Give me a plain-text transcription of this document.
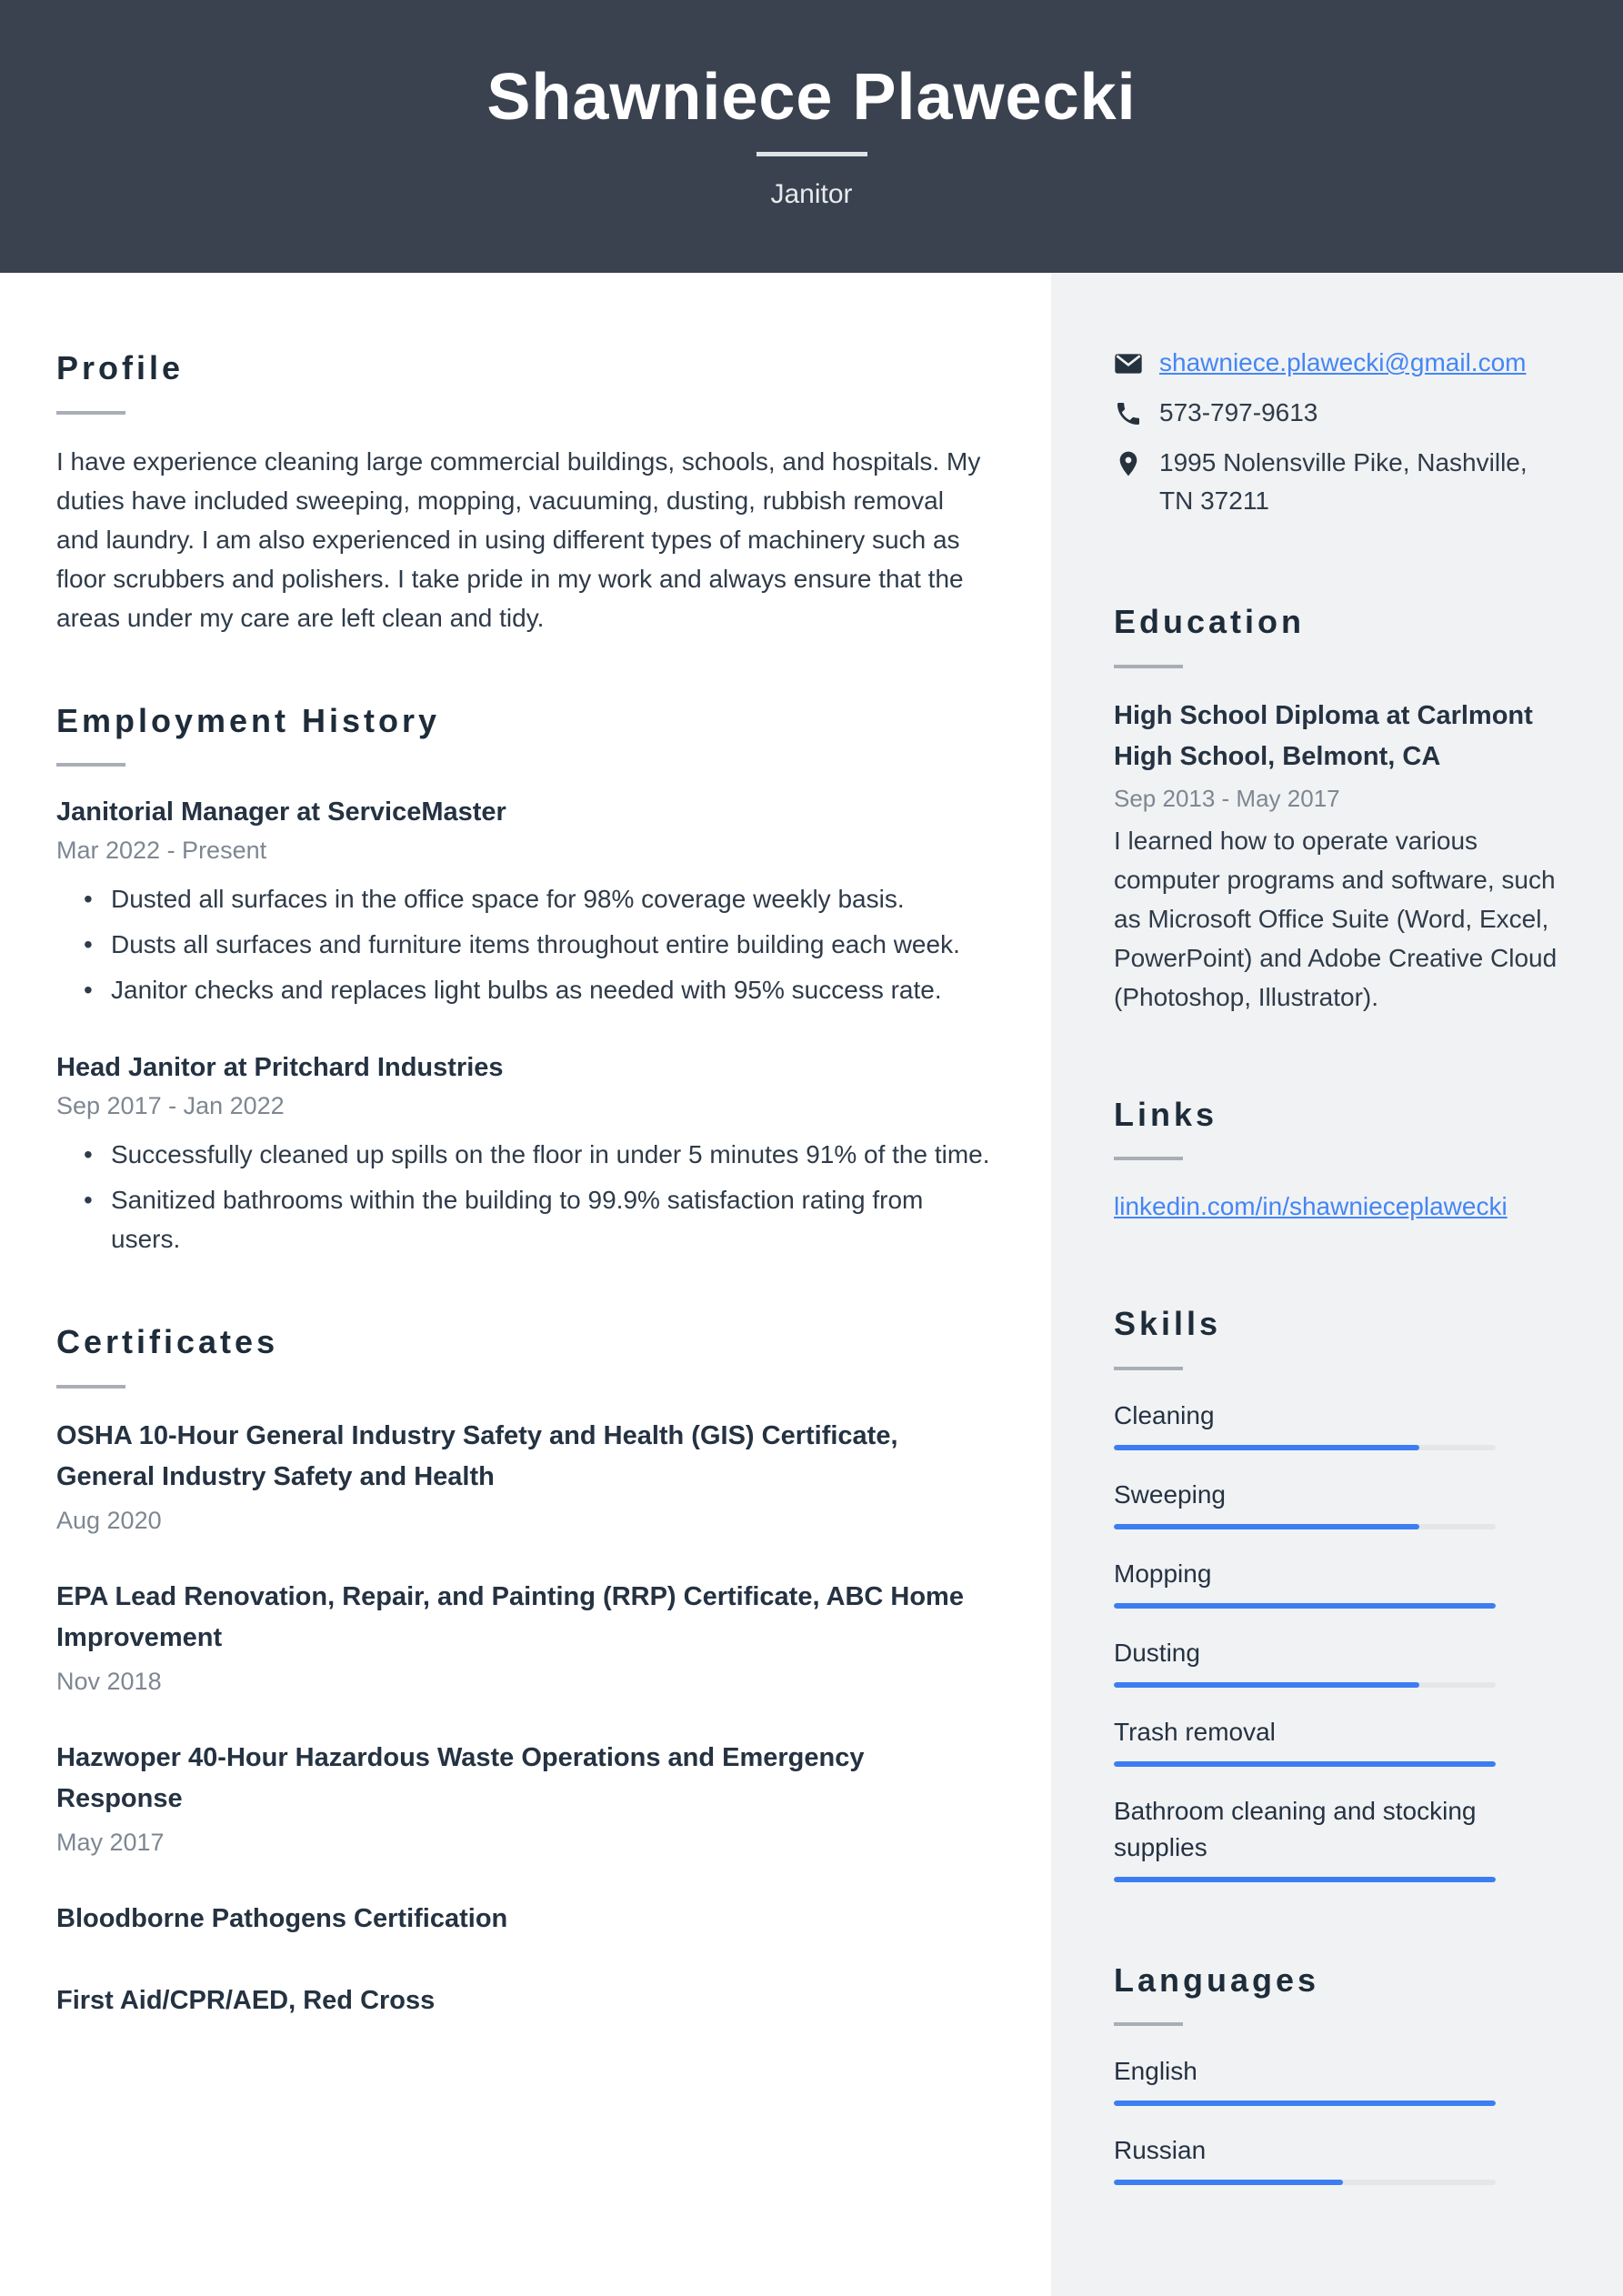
Shawniece Plawecki
Janitor
Profile

I have experience cleaning large commercial buildings, schools, and hospitals. My duties have included sweeping, mopping, vacuuming, dusting, rubbish removal and laundry. I am also experienced in using different types of machinery such as floor scrubbers and polishers. I take pride in my work and always ensure that the areas under my care are left clean and tidy.

Employment History

Janitorial Manager at ServiceMaster

Mar 2022 - Present
• Dusted all surfaces in the office space for 98% coverage weekly basis.
• Dusts all surfaces and furniture items throughout entire building each week.
• Janitor checks and replaces light bulbs as needed with 95% success rate.

Head Janitor at Pritchard Industries

Sep 2017 - Jan 2022
• Successfully cleaned up spills on the floor in under 5 minutes 91% of the time.
• Sanitized bathrooms within the building to 99.9% satisfaction rating from users.
Certificates

OSHA 10-Hour General Industry Safety and Health (GIS) Certificate, General Industry Safety and Health

Aug 2020

EPA Lead Renovation, Repair, and Painting (RRP) Certificate, ABC Home Improvement

Nov 2018

Hazwoper 40-Hour Hazardous Waste Operations and Emergency Response

May 2017

Bloodborne Pathogens Certification

First Aid/CPR/AED, Red Cross

shawniece.plawecki@gmail.com
573-797-9613
1995 Nolensville Pike, Nashville, TN 37211
Education

High School Diploma at Carlmont High School, Belmont, CA

Sep 2013 - May 2017

I learned how to operate various computer programs and software, such as Microsoft Office Suite (Word, Excel, PowerPoint) and Adobe Creative Cloud (Photoshop, Illustrator).

Links
linkedin.com/in/shawnieceplawecki
Skills
Cleaning
Sweeping
Mopping
Dusting
Trash removal
Bathroom cleaning and stocking supplies
Languages
English
Russian
